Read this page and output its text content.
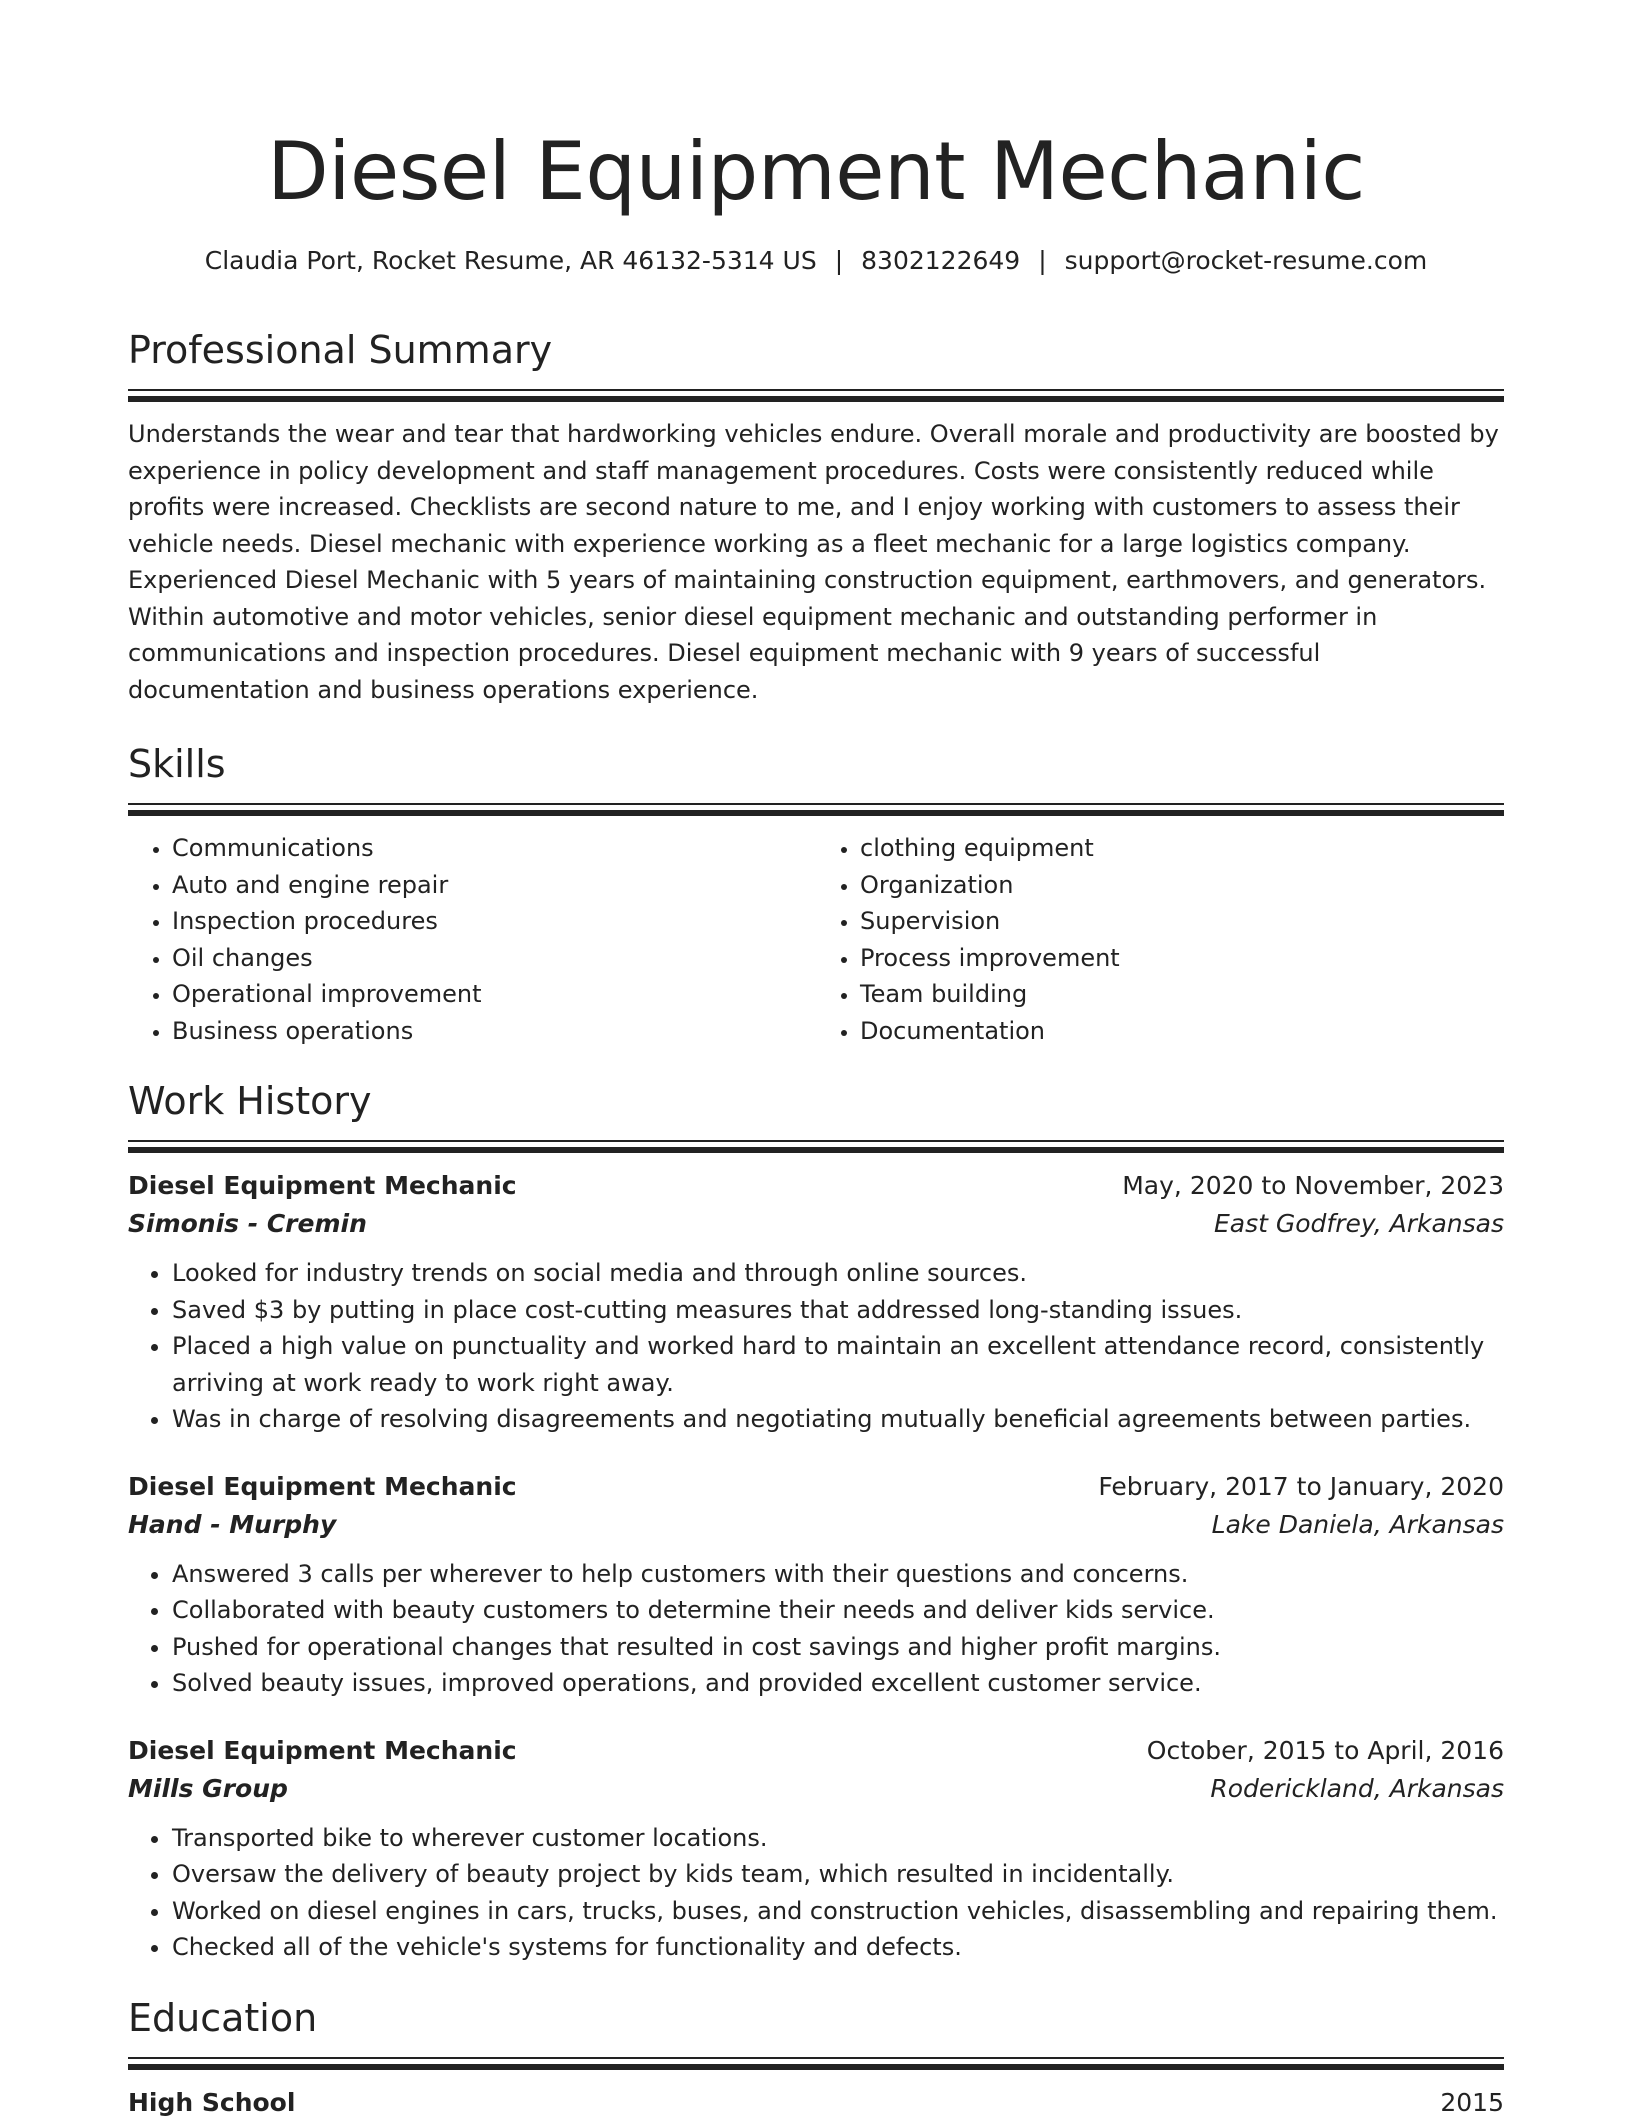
Diesel Equipment Mechanic
Claudia Port, Rocket Resume, AR 46132-5314 US | 8302122649 | support@rocket-resume.com
Professional Summary

Understands the wear and tear that hardworking vehicles endure. Overall morale and productivity are boosted by experience in policy development and staff management procedures. Costs were consistently reduced while profits were increased. Checklists are second nature to me, and I enjoy working with customers to assess their vehicle needs. Diesel mechanic with experience working as a fleet mechanic for a large logistics company. Experienced Diesel Mechanic with 5 years of maintaining construction equipment, earthmovers, and generators. Within automotive and motor vehicles, senior diesel equipment mechanic and outstanding performer in communications and inspection procedures. Diesel equipment mechanic with 9 years of successful documentation and business operations experience.

Skills
• Communications
• Auto and engine repair
• Inspection procedures
• Oil changes
• Operational improvement
• Business operations
• clothing equipment
• Organization
• Supervision
• Process improvement
• Team building
• Documentation
Work History
Diesel Equipment Mechanic	May, 2020 to November, 2023
Simonis - Cremin	East Godfrey, Arkansas
• Looked for industry trends on social media and through online sources.
• Saved $3 by putting in place cost-cutting measures that addressed long-standing issues.
• Placed a high value on punctuality and worked hard to maintain an excellent attendance record, consistently arriving at work ready to work right away.
• Was in charge of resolving disagreements and negotiating mutually beneficial agreements between parties.
Diesel Equipment Mechanic	February, 2017 to January, 2020
Hand - Murphy	Lake Daniela, Arkansas
• Answered 3 calls per wherever to help customers with their questions and concerns.
• Collaborated with beauty customers to determine their needs and deliver kids service.
• Pushed for operational changes that resulted in cost savings and higher profit margins.
• Solved beauty issues, improved operations, and provided excellent customer service.
Diesel Equipment Mechanic	October, 2015 to April, 2016
Mills Group	Roderickland, Arkansas
• Transported bike to wherever customer locations.
• Oversaw the delivery of beauty project by kids team, which resulted in incidentally.
• Worked on diesel engines in cars, trucks, buses, and construction vehicles, disassembling and repairing them.
• Checked all of the vehicle's systems for functionality and defects.
Education
High School	2015
